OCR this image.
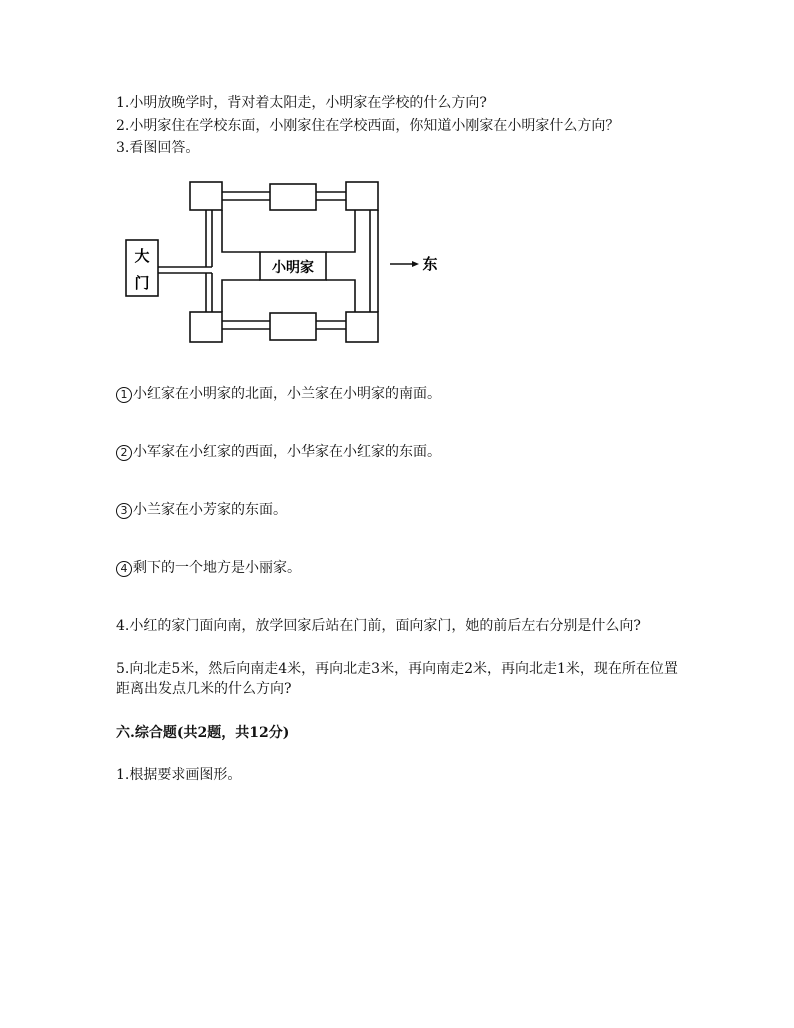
1.小明放晚学时，背对着太阳走，小明家在学校的什么方向?
2.小明家住在学校东面，小刚家住在学校西面，你知道小刚家在小明家什么方向？
3.看图回答。
大
门
小明家	东
1 小红家在小明家的北面，小兰家在小明家的南面。
2 小军家在小红家的西面，小华家在小红家的东面。
3 小兰家在小芳家的东面。
4 剩下的一个地方是小丽家。
4.小红的家门面向南，放学回家后站在门前，面向家门，她的前后左右分别是什么向?
5.向北走5米，然后向南走4米，再向北走3米，再向南走2米，再向北走1米，现在所在位置距离出发点几米的什么方向?
六.综合题(共2题，共12分)
1.根据要求画图形。
